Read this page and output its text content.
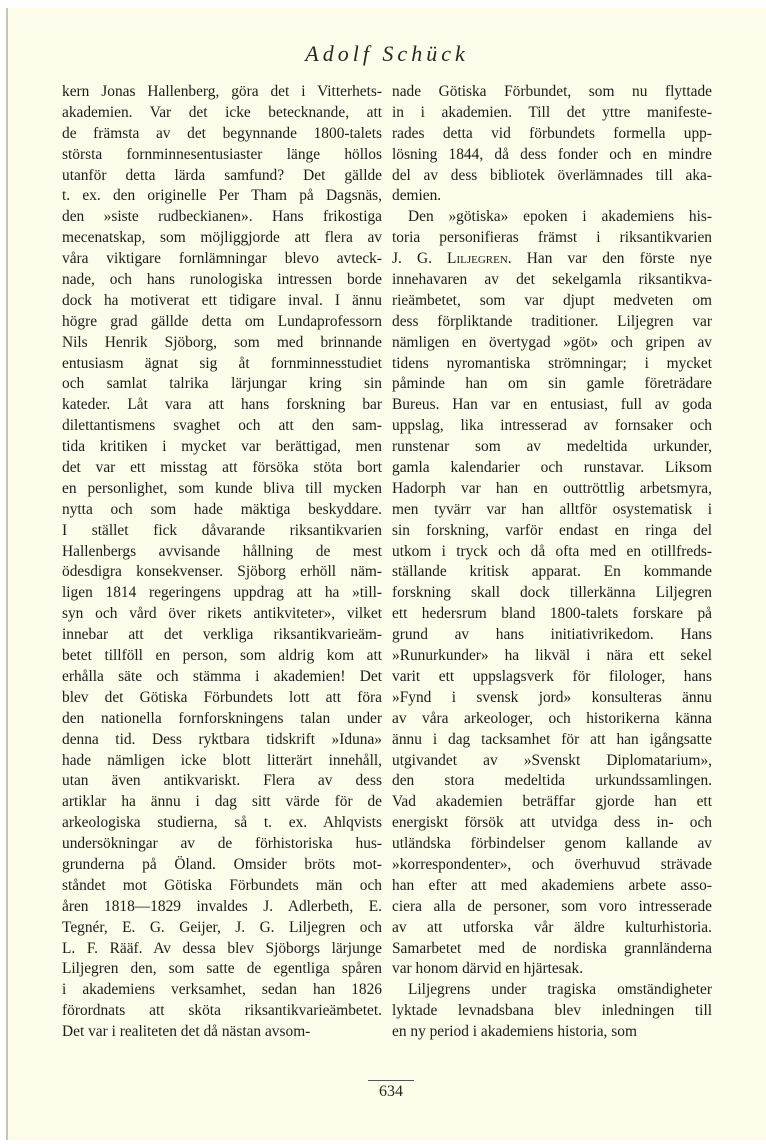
Adolf Schück
kern Jonas Hallenberg, göra det i Vitterhets-
akademien. Var det icke betecknande, att
de främsta av det begynnande 1800-talets
största fornminnesentusiaster länge höllos
utanför detta lärda samfund? Det gällde
t. ex. den originelle Per Tham på Dagsnäs,
den »siste rudbeckianen». Hans frikostiga
mecenatskap, som möjliggjorde att flera av
våra viktigare fornlämningar blevo avteck-
nade, och hans runologiska intressen borde
dock ha motiverat ett tidigare inval. I ännu
högre grad gällde detta om Lundaprofessorn
Nils Henrik Sjöborg, som med brinnande
entusiasm ägnat sig åt fornminnesstudiet
och samlat talrika lärjungar kring sin
kateder. Låt vara att hans forskning bar
dilettantismens svaghet och att den sam-
tida kritiken i mycket var berättigad, men
det var ett misstag att försöka stöta bort
en personlighet, som kunde bliva till mycken
nytta och som hade mäktiga beskyddare.
I stället fick dåvarande riksantikvarien
Hallenbergs avvisande hållning de mest
ödesdigra konsekvenser. Sjöborg erhöll näm-
ligen 1814 regeringens uppdrag att ha »till-
syn och vård över rikets antikviteter», vilket
innebar att det verkliga riksantikvarieäm-
betet tillföll en person, som aldrig kom att
erhålla säte och stämma i akademien! Det
blev det Götiska Förbundets lott att föra
den nationella fornforskningens talan under
denna tid. Dess ryktbara tidskrift »Iduna»
hade nämligen icke blott litterärt innehåll,
utan även antikvariskt. Flera av dess
artiklar ha ännu i dag sitt värde för de
arkeologiska studierna, så t. ex. Ahlqvists
undersökningar av de förhistoriska hus-
grunderna på Öland. Omsider bröts mot-
ståndet mot Götiska Förbundets män och
åren 1818—1829 invaldes J. Adlerbeth, E.
Tegnér, E. G. Geijer, J. G. Liljegren och
L. F. Rääf. Av dessa blev Sjöborgs lärjunge
Liljegren den, som satte de egentliga spåren
i akademiens verksamhet, sedan han 1826
förordnats att sköta riksantikvarieämbetet.
Det var i realiteten det då nästan avsom-
nade Götiska Förbundet, som nu flyttade
in i akademien. Till det yttre manifeste-
rades detta vid förbundets formella upp-
lösning 1844, då dess fonder och en mindre
del av dess bibliotek överlämnades till aka-
demien.
Den »götiska» epoken i akademiens his-
toria personifieras främst i riksantikvarien
J. G. Liljegren. Han var den förste nye
innehavaren av det sekelgamla riksantikva-
rieämbetet, som var djupt medveten om
dess förpliktande traditioner. Liljegren var
nämligen en övertygad »göt» och gripen av
tidens nyromantiska strömningar; i mycket
påminde han om sin gamle företrädare
Bureus. Han var en entusiast, full av goda
uppslag, lika intresserad av fornsaker och
runstenar som av medeltida urkunder,
gamla kalendarier och runstavar. Liksom
Hadorph var han en outtröttlig arbetsmyra,
men tyvärr var han alltför osystematisk i
sin forskning, varför endast en ringa del
utkom i tryck och då ofta med en otillfreds-
ställande kritisk apparat. En kommande
forskning skall dock tillerkänna Liljegren
ett hedersrum bland 1800-talets forskare på
grund av hans initiativrikedom. Hans
»Runurkunder» ha likväl i nära ett sekel
varit ett uppslagsverk för filologer, hans
»Fynd i svensk jord» konsulteras ännu
av våra arkeologer, och historikerna känna
ännu i dag tacksamhet för att han igångsatte
utgivandet av »Svenskt Diplomatarium»,
den stora medeltida urkundssamlingen.
Vad akademien beträffar gjorde han ett
energiskt försök att utvidga dess in- och
utländska förbindelser genom kallande av
»korrespondenter», och överhuvud strävade
han efter att med akademiens arbete asso-
ciera alla de personer, som voro intresserade
av att utforska vår äldre kulturhistoria.
Samarbetet med de nordiska grannländerna
var honom därvid en hjärtesak.
Liljegrens under tragiska omständigheter
lyktade levnadsbana blev inledningen till
en ny period i akademiens historia, som
634
